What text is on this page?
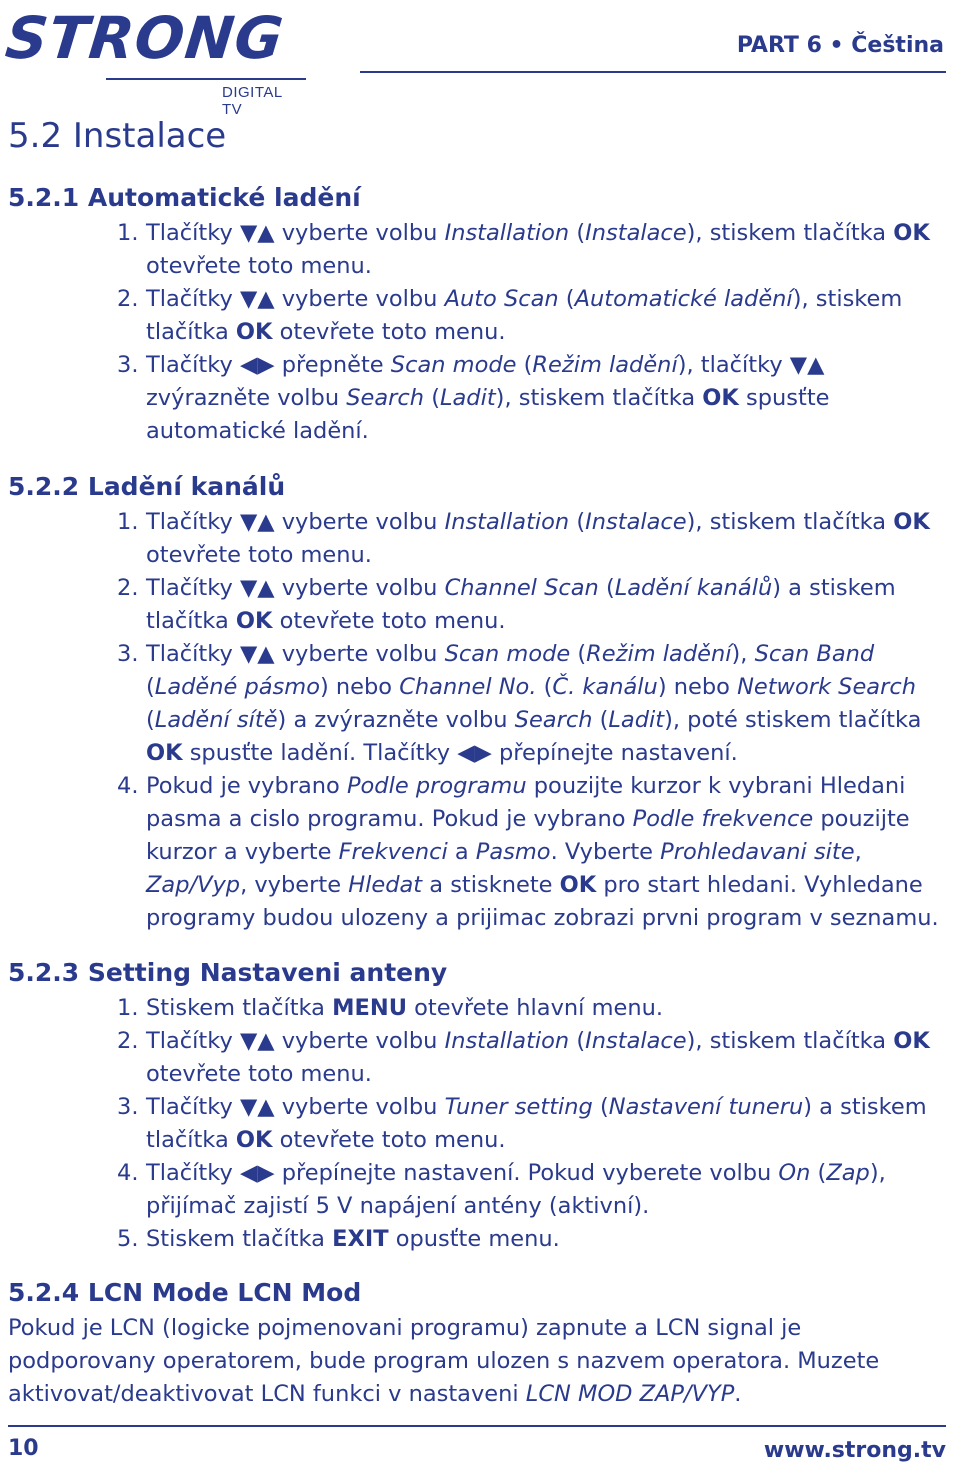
STRONG
DIGITAL TV
PART 6 • Čeština
5.2 Instalace
5.2.1 Automatické ladění
1. Tlačítky ▼▲ vyberte volbu Installation (Instalace), stiskem tlačítka OK otevřete toto menu.
2. Tlačítky ▼▲ vyberte volbu Auto Scan (Automatické ladění), stiskem tlačítka OK otevřete toto menu.
3. Tlačítky ◀▶ přepněte Scan mode (Režim ladění), tlačítky ▼▲ zvýrazněte volbu Search (Ladit), stiskem tlačítka OK spusťte automatické ladění.
5.2.2 Ladění kanálů
1. Tlačítky ▼▲ vyberte volbu Installation (Instalace), stiskem tlačítka OK otevřete toto menu.
2. Tlačítky ▼▲ vyberte volbu Channel Scan (Ladění kanálů) a stiskem tlačítka OK otevřete toto menu.
3. Tlačítky ▼▲ vyberte volbu Scan mode (Režim ladění), Scan Band (Laděné pásmo) nebo Channel No. (Č. kanálu) nebo Network Search (Ladění sítě) a zvýrazněte volbu Search (Ladit), poté stiskem tlačítka OK spusťte ladění. Tlačítky ◀▶ přepínejte nastavení.
4. Pokud je vybrano Podle programu pouzijte kurzor k vybrani Hledani pasma a cislo programu. Pokud je vybrano Podle frekvence pouzijte kurzor a vyberte Frekvenci a Pasmo. Vyberte Prohledavani site, Zap/Vyp, vyberte Hledat a stisknete OK pro start hledani. Vyhledane programy budou ulozeny a prijimac zobrazi prvni program v seznamu.
5.2.3 Setting Nastaveni anteny
1. Stiskem tlačítka MENU otevřete hlavní menu.
2. Tlačítky ▼▲ vyberte volbu Installation (Instalace), stiskem tlačítka OK otevřete toto menu.
3. Tlačítky ▼▲ vyberte volbu Tuner setting (Nastavení tuneru) a stiskem tlačítka OK otevřete toto menu.
4. Tlačítky ◀▶ přepínejte nastavení. Pokud vyberete volbu On (Zap), přijímač zajistí 5 V napájení antény (aktivní).
5. Stiskem tlačítka EXIT opusťte menu.
5.2.4 LCN Mode LCN Mod
Pokud je LCN (logicke pojmenovani programu) zapnute a LCN signal je podporovany operatorem, bude program ulozen s nazvem operatora. Muzete aktivovat/deaktivovat LCN funkci v nastaveni LCN MOD ZAP/VYP.
10	www.strong.tv
